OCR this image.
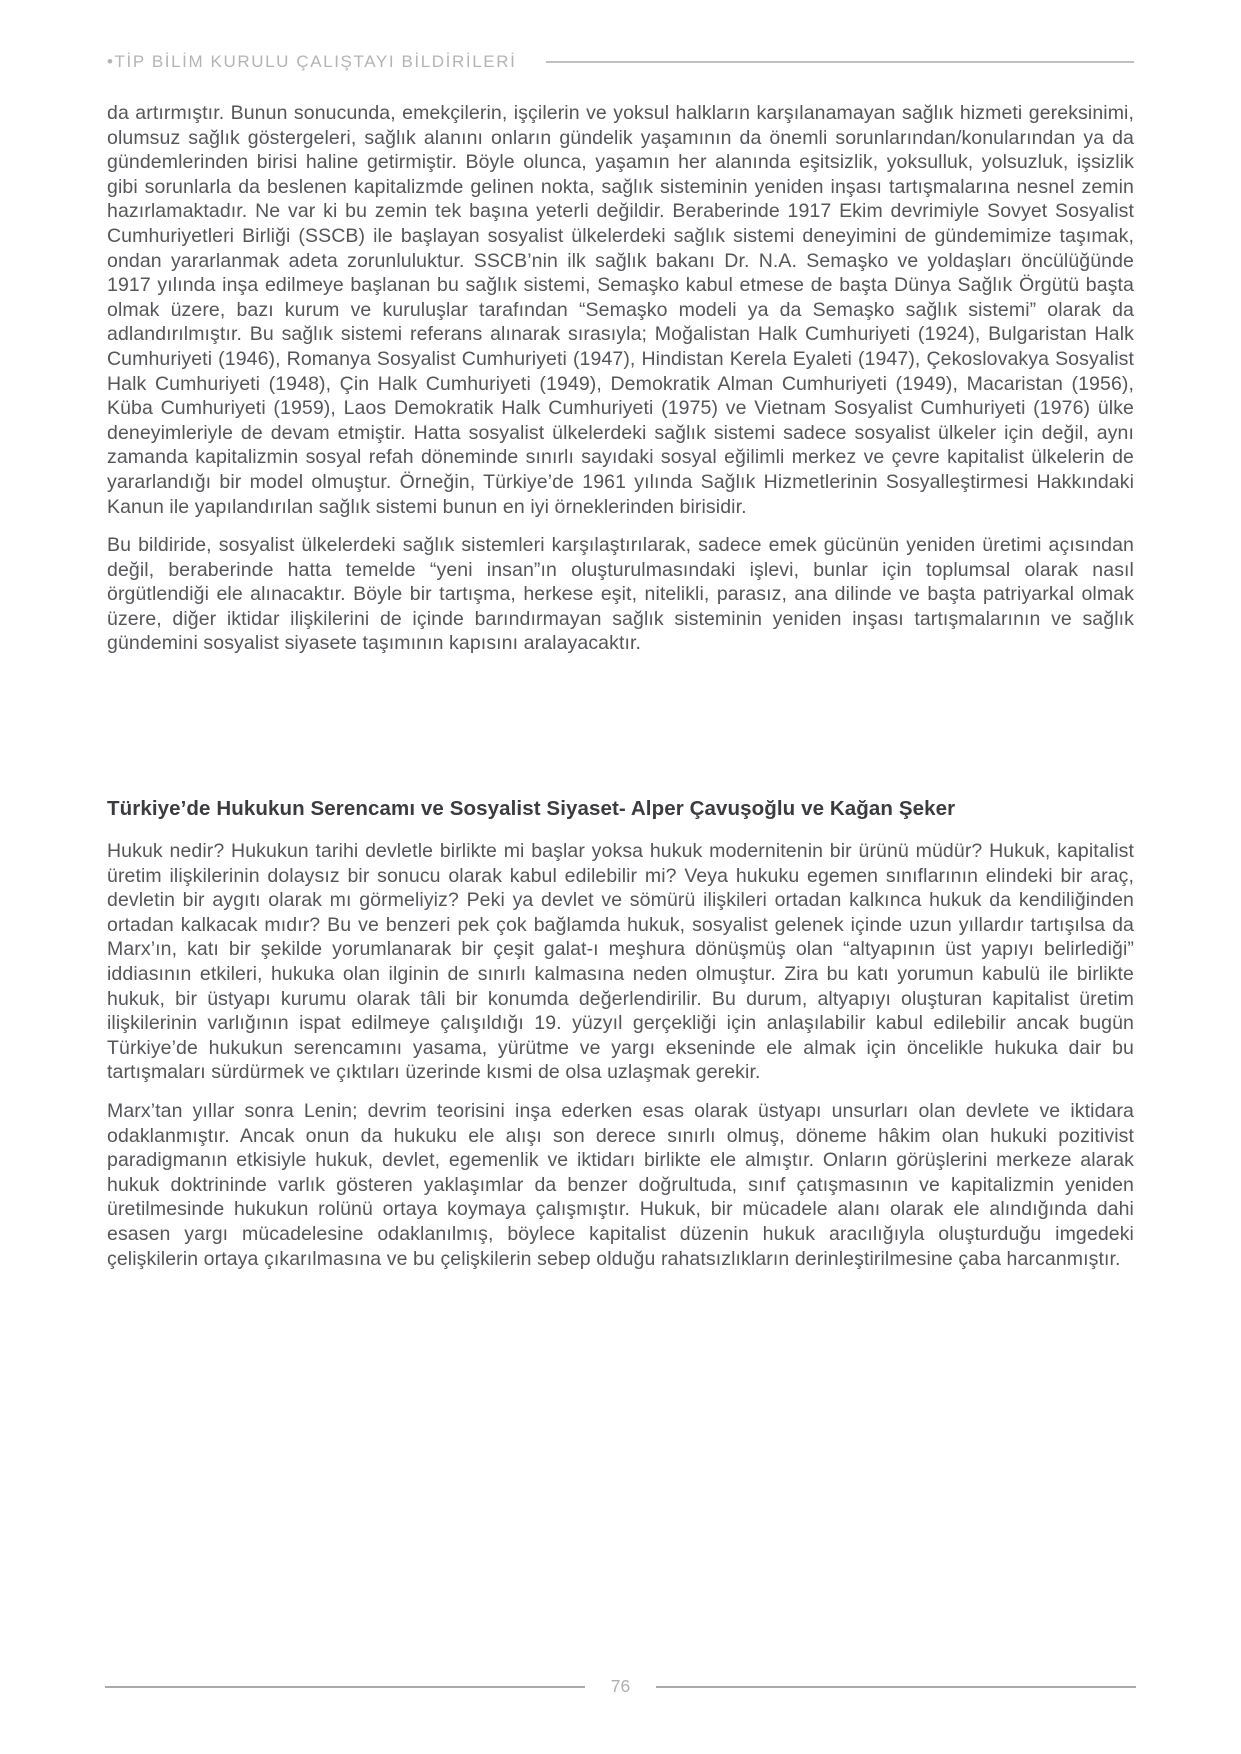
•TİP BİLİM KURULU ÇALIŞTAYI BİLDİRİLERİ

da artırmıştır. Bunun sonucunda, emekçilerin, işçilerin ve yoksul halkların karşılanamayan sağlık hizmeti gereksinimi, olumsuz sağlık göstergeleri, sağlık alanını onların gündelik yaşamının da önemli sorunlarından/konularından ya da gündemlerinden birisi haline getirmiştir. Böyle olunca, yaşamın her alanında eşitsizlik, yoksulluk, yolsuzluk, işsizlik gibi sorunlarla da beslenen kapitalizmde gelinen nokta, sağlık sisteminin yeniden inşası tartışmalarına nesnel zemin hazırlamaktadır. Ne var ki bu zemin tek başına yeterli değildir. Beraberinde 1917 Ekim devrimiyle Sovyet Sosyalist Cumhuriyetleri Birliği (SSCB) ile başlayan sosyalist ülkelerdeki sağlık sistemi deneyimini de gündemimize taşımak, ondan yararlanmak adeta zorunluluktur. SSCB’nin ilk sağlık bakanı Dr. N.A. Semaşko ve yoldaşları öncülüğünde 1917 yılında inşa edilmeye başlanan bu sağlık sistemi, Semaşko kabul etmese de başta Dünya Sağlık Örgütü başta olmak üzere, bazı kurum ve kuruluşlar tarafından “Semaşko modeli ya da Semaşko sağlık sistemi” olarak da adlandırılmıştır. Bu sağlık sistemi referans alınarak sırasıyla; Moğalistan Halk Cumhuriyeti (1924), Bulgaristan Halk Cumhuriyeti (1946), Romanya Sosyalist Cumhuriyeti (1947), Hindistan Kerela Eyaleti (1947), Çekoslovakya Sosyalist Halk Cumhuriyeti (1948), Çin Halk Cumhuriyeti (1949), Demokratik Alman Cumhuriyeti (1949), Macaristan (1956), Küba Cumhuriyeti (1959), Laos Demokratik Halk Cumhuriyeti (1975) ve Vietnam Sosyalist Cumhuriyeti (1976) ülke deneyimleriyle de devam etmiştir. Hatta sosyalist ülkelerdeki sağlık sistemi sadece sosyalist ülkeler için değil, aynı zamanda kapitalizmin sosyal refah döneminde sınırlı sayıdaki sosyal eğilimli merkez ve çevre kapitalist ülkelerin de yararlandığı bir model olmuştur. Örneğin, Türkiye’de 1961 yılında Sağlık Hizmetlerinin Sosyalleştirmesi Hakkındaki Kanun ile yapılandırılan sağlık sistemi bunun en iyi örneklerinden birisidir.

Bu bildiride, sosyalist ülkelerdeki sağlık sistemleri karşılaştırılarak, sadece emek gücünün yeniden üretimi açısından değil, beraberinde hatta temelde “yeni insan”ın oluşturulmasındaki işlevi, bunlar için toplumsal olarak nasıl örgütlendiği ele alınacaktır. Böyle bir tartışma, herkese eşit, nitelikli, parasız, ana dilinde ve başta patriyarkal olmak üzere, diğer iktidar ilişkilerini de içinde barındırmayan sağlık sisteminin yeniden inşası tartışmalarının ve sağlık gündemini sosyalist siyasete taşımının kapısını aralayacaktır.

Türkiye’de Hukukun Serencamı ve Sosyalist Siyaset- Alper Çavuşoğlu ve Kağan Şeker

Hukuk nedir? Hukukun tarihi devletle birlikte mi başlar yoksa hukuk modernitenin bir ürünü müdür? Hukuk, kapitalist üretim ilişkilerinin dolaysız bir sonucu olarak kabul edilebilir mi? Veya hukuku egemen sınıflarının elindeki bir araç, devletin bir aygıtı olarak mı görmeliyiz? Peki ya devlet ve sömürü ilişkileri ortadan kalkınca hukuk da kendiliğinden ortadan kalkacak mıdır? Bu ve benzeri pek çok bağlamda hukuk, sosyalist gelenek içinde uzun yıllardır tartışılsa da Marx’ın, katı bir şekilde yorumlanarak bir çeşit galat-ı meşhura dönüşmüş olan “altyapının üst yapıyı belirlediği” iddiasının etkileri, hukuka olan ilginin de sınırlı kalmasına neden olmuştur. Zira bu katı yorumun kabulü ile birlikte hukuk, bir üstyapı kurumu olarak tâli bir konumda değerlendirilir. Bu durum, altyapıyı oluşturan kapitalist üretim ilişkilerinin varlığının ispat edilmeye çalışıldığı 19. yüzyıl gerçekliği için anlaşılabilir kabul edilebilir ancak bugün Türkiye’de hukukun serencamını yasama, yürütme ve yargı ekseninde ele almak için öncelikle hukuka dair bu tartışmaları sürdürmek ve çıktıları üzerinde kısmi de olsa uzlaşmak gerekir.

Marx’tan yıllar sonra Lenin; devrim teorisini inşa ederken esas olarak üstyapı unsurları olan devlete ve iktidara odaklanmıştır. Ancak onun da hukuku ele alışı son derece sınırlı olmuş, döneme hâkim olan hukuki pozitivist paradigmanın etkisiyle hukuk, devlet, egemenlik ve iktidarı birlikte ele almıştır. Onların görüşlerini merkeze alarak hukuk doktrininde varlık gösteren yaklaşımlar da benzer doğrultuda, sınıf çatışmasının ve kapitalizmin yeniden üretilmesinde hukukun rolünü ortaya koymaya çalışmıştır. Hukuk, bir mücadele alanı olarak ele alındığında dahi esasen yargı mücadelesine odaklanılmış, böylece kapitalist düzenin hukuk aracılığıyla oluşturduğu imgedeki çelişkilerin ortaya çıkarılmasına ve bu çelişkilerin sebep olduğu rahatsızlıkların derinleştirilmesine çaba harcanmıştır.

76
